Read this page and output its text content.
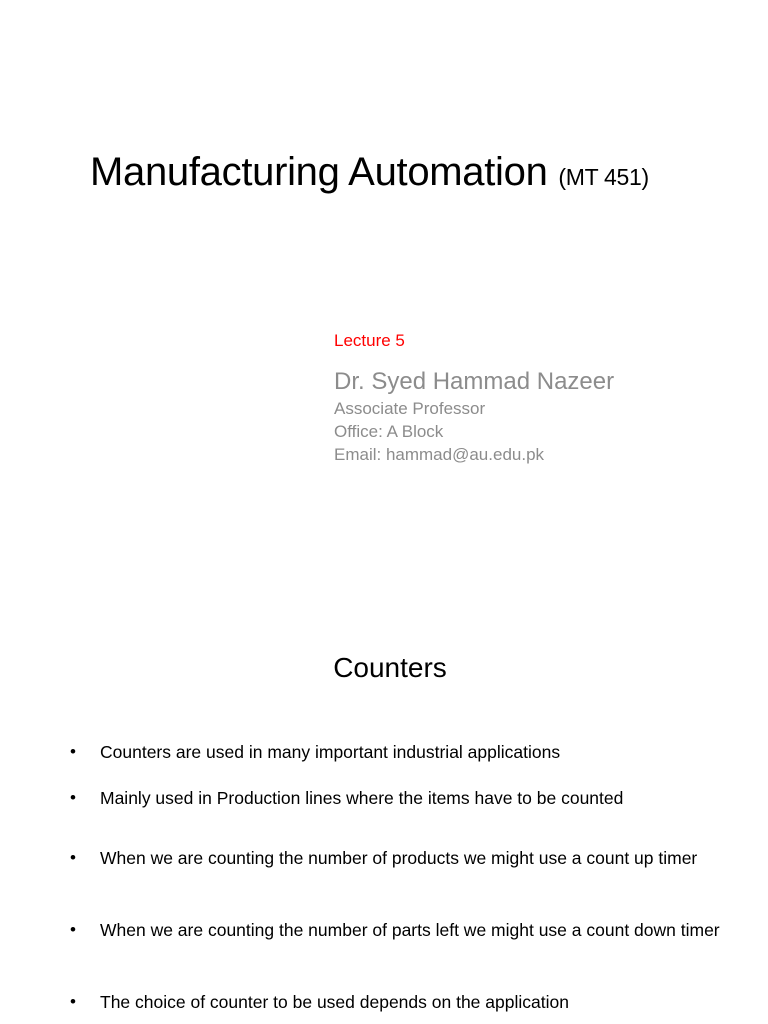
Manufacturing Automation (MT 451)
Lecture 5
Dr. Syed Hammad Nazeer
Associate Professor
Office: A Block
Email: hammad@au.edu.pk
Counters
• Counters are used in many important industrial applications
• Mainly used in Production lines where the items have to be counted
• When we are counting the number of products we might use a count up timer
• When we are counting the number of parts left we might use a count down timer
• The choice of counter to be used depends on the application
